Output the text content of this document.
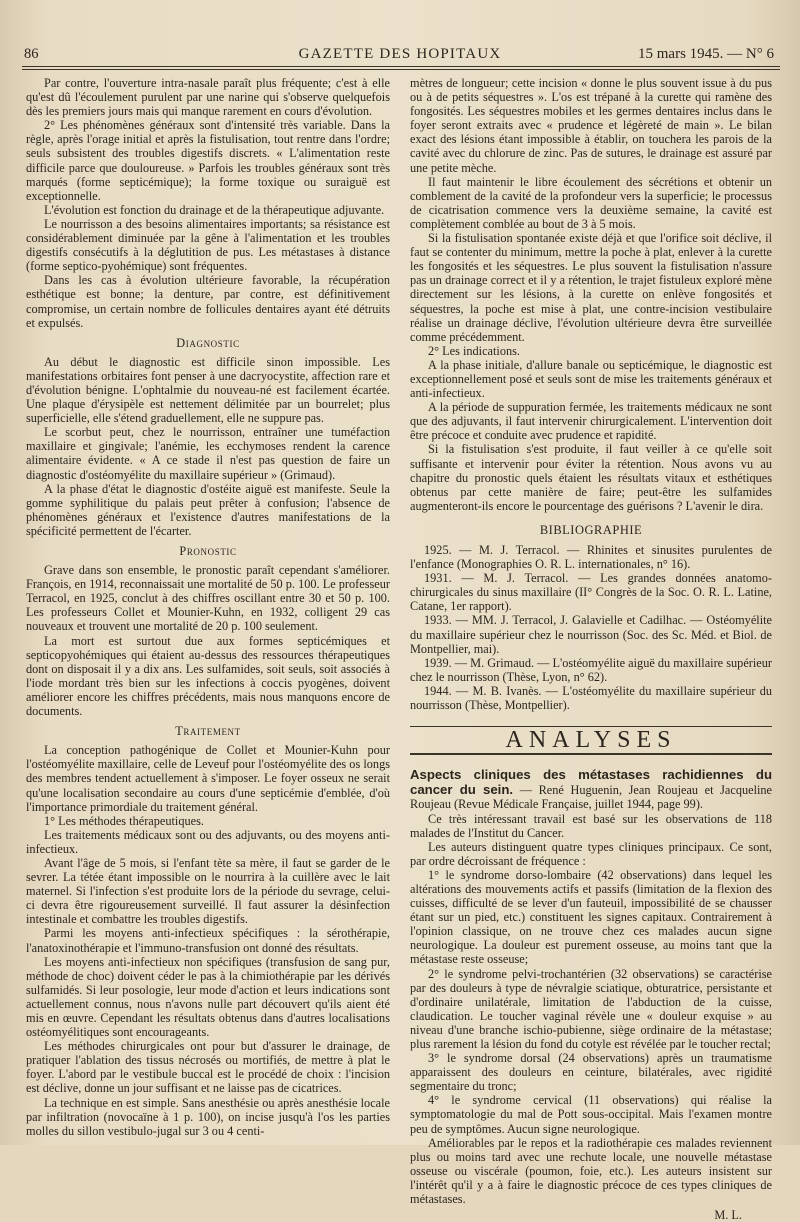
86	GAZETTE DES HOPITAUX	15 mars 1945. — N° 6

Par contre, l'ouverture intra-nasale paraît plus fréquente; c'est à elle qu'est dû l'écoulement purulent par une narine qui s'observe quelquefois dès les premiers jours mais qui manque rarement en cours d'évolution.

2° Les phénomènes généraux sont d'intensité très variable. Dans la règle, après l'orage initial et après la fistulisation, tout rentre dans l'ordre; seuls subsistent des troubles digestifs discrets. « L'alimentation reste difficile parce que douloureuse. » Parfois les troubles généraux sont très marqués (forme septicémique); la forme toxique ou suraiguë est exceptionnelle.

L'évolution est fonction du drainage et de la thérapeutique adjuvante.

Le nourrisson a des besoins alimentaires importants; sa résistance est considérablement diminuée par la gêne à l'alimentation et les troubles digestifs consécutifs à la déglutition de pus. Les métastases à distance (forme septico-pyohémique) sont fréquentes.

Dans les cas à évolution ultérieure favorable, la récupération esthétique est bonne; la denture, par contre, est définitivement compromise, un certain nombre de follicules dentaires ayant été détruits et expulsés.

Diagnostic

Au début le diagnostic est difficile sinon impossible. Les manifestations orbitaires font penser à une dacryocystite, affection rare et d'évolution bénigne. L'ophtalmie du nouveau-né est facilement écartée. Une plaque d'érysipèle est nettement délimitée par un bourrelet; plus superficielle, elle s'étend graduellement, elle ne suppure pas.

Le scorbut peut, chez le nourrisson, entraîner une tuméfaction maxillaire et gingivale; l'anémie, les ecchymoses rendent la carence alimentaire évidente. « A ce stade il n'est pas question de faire un diagnostic d'ostéomyélite du maxillaire supérieur » (Grimaud).

A la phase d'état le diagnostic d'ostéite aiguë est manifeste. Seule la gomme syphilitique du palais peut prêter à confusion; l'absence de phénomènes généraux et l'existence d'autres manifestations de la spécificité permettent de l'écarter.

Pronostic

Grave dans son ensemble, le pronostic paraît cependant s'améliorer. François, en 1914, reconnaissait une mortalité de 50 p. 100. Le professeur Terracol, en 1925, conclut à des chiffres oscillant entre 30 et 50 p. 100. Les professeurs Collet et Mounier-Kuhn, en 1932, colligent 29 cas nouveaux et trouvent une mortalité de 20 p. 100 seulement.

La mort est surtout due aux formes septicémiques et septicopyohémiques qui étaient au-dessus des ressources thérapeutiques dont on disposait il y a dix ans. Les sulfamides, soit seuls, soit associés à l'iode mordant très bien sur les infections à coccis pyogènes, doivent améliorer encore les chiffres précédents, mais nous manquons encore de documents.

Traitement

La conception pathogénique de Collet et Mounier-Kuhn pour l'ostéomyélite maxillaire, celle de Leveuf pour l'ostéomyélite des os longs des membres tendent actuellement à s'imposer. Le foyer osseux ne serait qu'une localisation secondaire au cours d'une septicémie d'emblée, d'où l'importance primordiale du traitement général.

1° Les méthodes thérapeutiques.

Les traitements médicaux sont ou des adjuvants, ou des moyens anti-infectieux.

Avant l'âge de 5 mois, si l'enfant tète sa mère, il faut se garder de le sevrer. La tétée étant impossible on le nourrira à la cuillère avec le lait maternel. Si l'infection s'est produite lors de la période du sevrage, celui-ci devra être rigoureusement surveillé. Il faut assurer la désinfection intestinale et combattre les troubles digestifs.

Parmi les moyens anti-infectieux spécifiques : la sérothérapie, l'anatoxinothérapie et l'immuno-transfusion ont donné des résultats.

Les moyens anti-infectieux non spécifiques (transfusion de sang pur, méthode de choc) doivent céder le pas à la chimiothérapie par les dérivés sulfamidés. Si leur posologie, leur mode d'action et leurs indications sont actuellement connus, nous n'avons nulle part découvert qu'ils aient été mis en œuvre. Cependant les résultats obtenus dans d'autres localisations ostéomyélitiques sont encourageants.

Les méthodes chirurgicales ont pour but d'assurer le drainage, de pratiquer l'ablation des tissus nécrosés ou mortifiés, de mettre à plat le foyer. L'abord par le vestibule buccal est le procédé de choix : l'incision est déclive, donne un jour suffisant et ne laisse pas de cicatrices.

La technique en est simple. Sans anesthésie ou après anesthésie locale par infiltration (novocaïne à 1 p. 100), on incise jusqu'à l'os les parties molles du sillon vestibulo-jugal sur 3 ou 4 centi-

mètres de longueur; cette incision « donne le plus souvent issue à du pus ou à de petits séquestres ». L'os est trépané à la curette qui ramène des fongosités. Les séquestres mobiles et les germes dentaires inclus dans le foyer seront extraits avec « prudence et légèreté de main ». Le bilan exact des lésions étant impossible à établir, on touchera les parois de la cavité avec du chlorure de zinc. Pas de sutures, le drainage est assuré par une petite mèche.

Il faut maintenir le libre écoulement des sécrétions et obtenir un comblement de la cavité de la profondeur vers la superficie; le processus de cicatrisation commence vers la deuxième semaine, la cavité est complètement comblée au bout de 3 à 5 mois.

Si la fistulisation spontanée existe déjà et que l'orifice soit déclive, il faut se contenter du minimum, mettre la poche à plat, enlever à la curette les fongosités et les séquestres. Le plus souvent la fistulisation n'assure pas un drainage correct et il y a rétention, le trajet fistuleux exploré mène directement sur les lésions, à la curette on enlève fongosités et séquestres, la poche est mise à plat, une contre-incision vestibulaire réalise un drainage déclive, l'évolution ultérieure devra être surveillée comme précédemment.

2° Les indications.

A la phase initiale, d'allure banale ou septicémique, le diagnostic est exceptionnellement posé et seuls sont de mise les traitements généraux et anti-infectieux.

A la période de suppuration fermée, les traitements médicaux ne sont que des adjuvants, il faut intervenir chirurgicalement. L'intervention doit être précoce et conduite avec prudence et rapidité.

Si la fistulisation s'est produite, il faut veiller à ce qu'elle soit suffisante et intervenir pour éviter la rétention. Nous avons vu au chapitre du pronostic quels étaient les résultats vitaux et esthétiques obtenus par cette manière de faire; peut-être les sulfamides augmenteront-ils encore le pourcentage des guérisons ? L'avenir le dira.

BIBLIOGRAPHIE

1925. — M. J. Terracol. — Rhinites et sinusites purulentes de l'enfance (Monographies O. R. L. internationales, n° 16).

1931. — M. J. Terracol. — Les grandes données anatomo-chirurgicales du sinus maxillaire (II° Congrès de la Soc. O. R. L. Latine, Catane, 1er rapport).

1933. — MM. J. Terracol, J. Galavielle et Cadilhac. — Ostéomyélite du maxillaire supérieur chez le nourrisson (Soc. des Sc. Méd. et Biol. de Montpellier, mai).

1939. — M. Grimaud. — L'ostéomyélite aiguë du maxillaire supérieur chez le nourrisson (Thèse, Lyon, n° 62).

1944. — M. B. Ivanès. — L'ostéomyélite du maxillaire supérieur du nourrisson (Thèse, Montpellier).

ANALYSES

Aspects cliniques des métastases rachidiennes du cancer du sein. — René Huguenin, Jean Roujeau et Jacqueline Roujeau (Revue Médicale Française, juillet 1944, page 99).

Ce très intéressant travail est basé sur les observations de 118 malades de l'Institut du Cancer.

Les auteurs distinguent quatre types cliniques principaux. Ce sont, par ordre décroissant de fréquence :

1° le syndrome dorso-lombaire (42 observations) dans lequel les altérations des mouvements actifs et passifs (limitation de la flexion des cuisses, difficulté de se lever d'un fauteuil, impossibilité de se chausser étant sur un pied, etc.) constituent les signes capitaux. Contrairement à l'opinion classique, on ne trouve chez ces malades aucun signe neurologique. La douleur est purement osseuse, au moins tant que la métastase reste osseuse;

2° le syndrome pelvi-trochantérien (32 observations) se caractérise par des douleurs à type de névralgie sciatique, obturatrice, persistante et d'ordinaire unilatérale, limitation de l'abduction de la cuisse, claudication. Le toucher vaginal révèle une « douleur exquise » au niveau d'une branche ischio-pubienne, siège ordinaire de la métastase; plus rarement la lésion du fond du cotyle est révélée par le toucher rectal;

3° le syndrome dorsal (24 observations) après un traumatisme apparaissent des douleurs en ceinture, bilatérales, avec rigidité segmentaire du tronc;

4° le syndrome cervical (11 observations) qui réalise la symptomatologie du mal de Pott sous-occipital. Mais l'examen montre peu de symptômes. Aucun signe neurologique.

Améliorables par le repos et la radiothérapie ces malades reviennent plus ou moins tard avec une rechute locale, une nouvelle métastase osseuse ou viscérale (poumon, foie, etc.). Les auteurs insistent sur l'intérêt qu'il y a à faire le diagnostic précoce de ces types cliniques de métastases.

M. L.
